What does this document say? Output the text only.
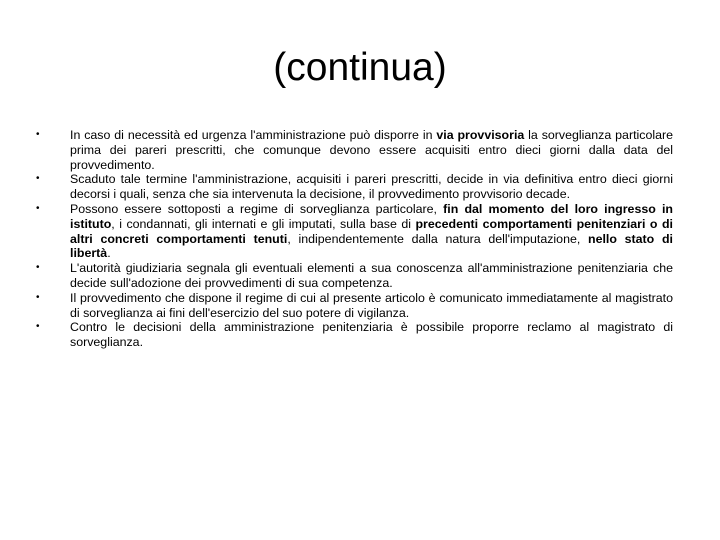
(continua)
• In caso di necessità ed urgenza l'amministrazione può disporre in via provvisoria la sorveglianza particolare prima dei pareri prescritti, che comunque devono essere acquisiti entro dieci giorni dalla data del provvedimento.
• Scaduto tale termine l'amministrazione, acquisiti i pareri prescritti, decide in via definitiva entro dieci giorni decorsi i quali, senza che sia intervenuta la decisione, il provvedimento provvisorio decade.
• Possono essere sottoposti a regime di sorveglianza particolare, fin dal momento del loro ingresso in istituto, i condannati, gli internati e gli imputati, sulla base di precedenti comportamenti penitenziari o di altri concreti comportamenti tenuti, indipendentemente dalla natura dell'imputazione, nello stato di libertà.
• L'autorità giudiziaria segnala gli eventuali elementi a sua conoscenza all'amministrazione penitenziaria che decide sull'adozione dei provvedimenti di sua competenza.
• Il provvedimento che dispone il regime di cui al presente articolo è comunicato immediatamente al magistrato di sorveglianza ai fini dell'esercizio del suo potere di vigilanza.
• Contro le decisioni della amministrazione penitenziaria è possibile proporre reclamo al magistrato di sorveglianza.
